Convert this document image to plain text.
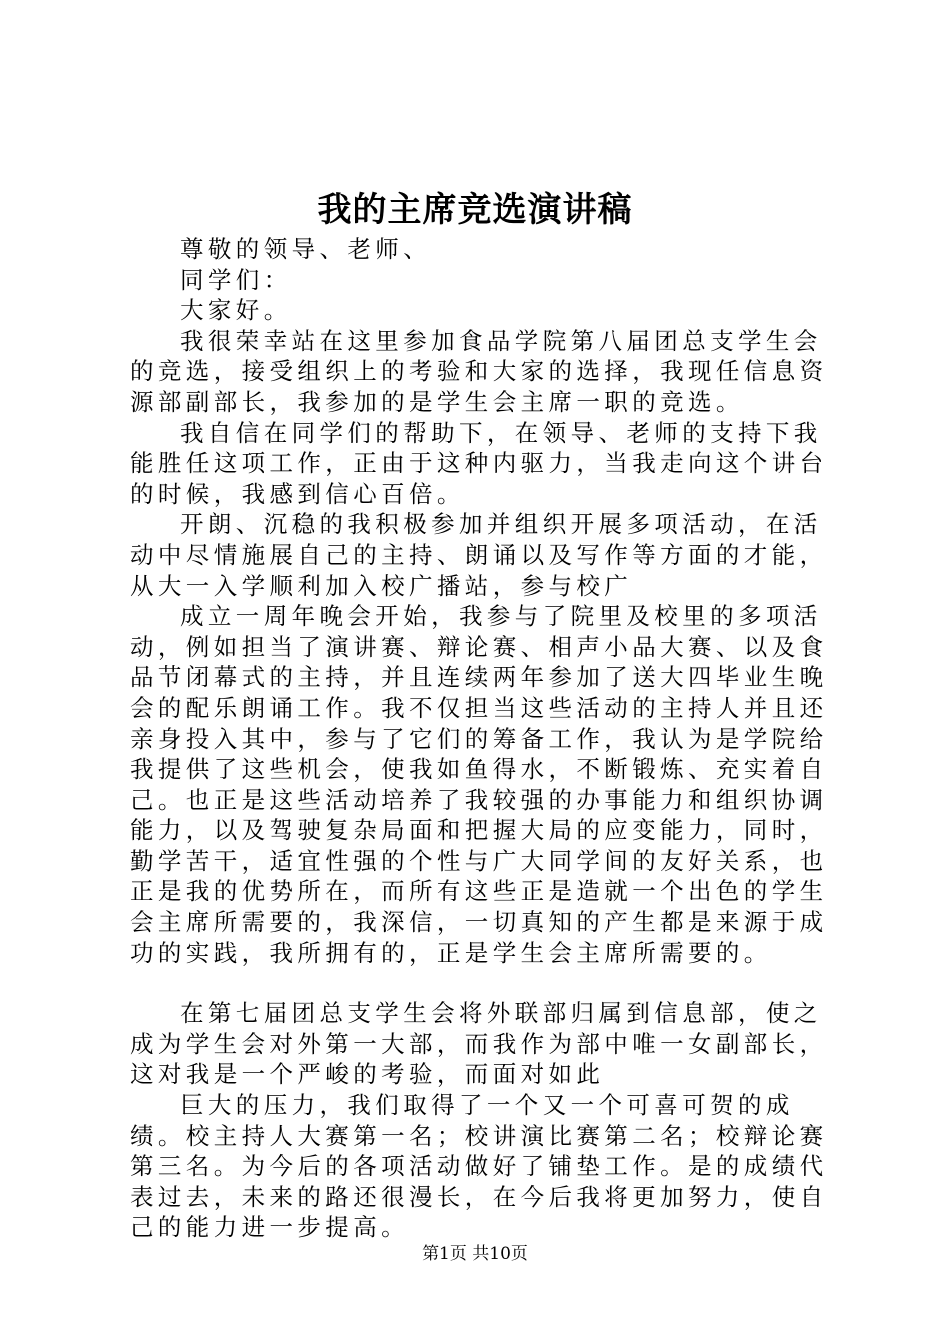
我的主席竞选演讲稿

尊敬的领导、老师、

同学们：

大家好。

我很荣幸站在这里参加食品学院第八届团总支学生会的竞选，接受组织上的考验和大家的选择，我现任信息资源部副部长，我参加的是学生会主席一职的竞选。

我自信在同学们的帮助下，在领导、老师的支持下我能胜任这项工作，正由于这种内驱力，当我走向这个讲台的时候，我感到信心百倍。

开朗、沉稳的我积极参加并组织开展多项活动，在活动中尽情施展自己的主持、朗诵以及写作等方面的才能，从大一入学顺利加入校广播站，参与校广

成立一周年晚会开始，我参与了院里及校里的多项活动，例如担当了演讲赛、辩论赛、相声小品大赛、以及食品节闭幕式的主持，并且连续两年参加了送大四毕业生晚会的配乐朗诵工作。我不仅担当这些活动的主持人并且还亲身投入其中，参与了它们的筹备工作，我认为是学院给我提供了这些机会，使我如鱼得水，不断锻炼、充实着自己。也正是这些活动培养了我较强的办事能力和组织协调能力，以及驾驶复杂局面和把握大局的应变能力，同时，勤学苦干，适宜性强的个性与广大同学间的友好关系，也正是我的优势所在，而所有这些正是造就一个出色的学生会主席所需要的，我深信，一切真知的产生都是来源于成功的实践，我所拥有的，正是学生会主席所需要的。

在第七届团总支学生会将外联部归属到信息部，使之成为学生会对外第一大部，而我作为部中唯一女副部长，这对我是一个严峻的考验，而面对如此

巨大的压力，我们取得了一个又一个可喜可贺的成绩。校主持人大赛第一名；校讲演比赛第二名；校辩论赛第三名。为今后的各项活动做好了铺垫工作。是的成绩代表过去，未来的路还很漫长，在今后我将更加努力，使自己的能力进一步提高。

第1页 共10页
